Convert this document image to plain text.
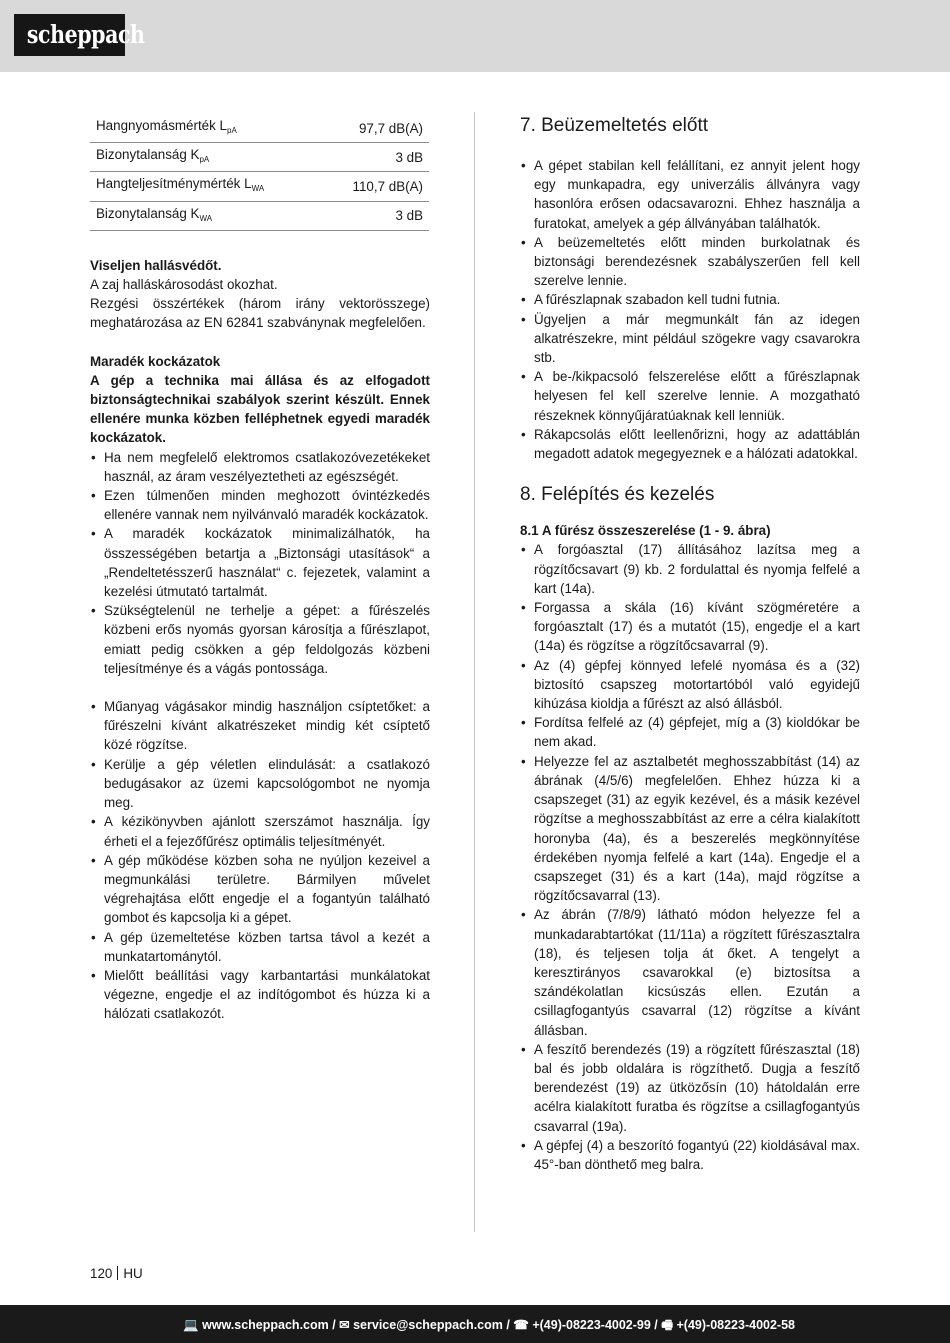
scheppach
Hangnyomásmérték $L_{pA}$	97,7 dB(A)
Bizonytalanság $K_{pA}$	3 dB
Hangteljesítménymérték $L_{WA}$	110,7 dB(A)
Bizonytalanság $K_{WA}$	3 dB

Viseljen hallásvédőt.

A zaj halláskárosodást okozhat.

Rezgési összértékek (három irány vektorösszege) meghatározása az EN 62841 szabványnak megfelelően.

Maradék kockázatok

A gép a technika mai állása és az elfogadott biztonságtechnikai szabályok szerint készült. Ennek ellenére munka közben felléphetnek egyedi maradék kockázatok.

• Ha nem megfelelő elektromos csatlakozóvezetékeket használ, az áram veszélyeztetheti az egészségét.
• Ezen túlmenően minden meghozott óvintézkedés ellenére vannak nem nyilvánvaló maradék kockázatok.
• A maradék kockázatok minimalizálhatók, ha összességében betartja a „Biztonsági utasítások“ a „Rendeltetésszerű használat“ c. fejezetek, valamint a kezelési útmutató tartalmát.
• Szükségtelenül ne terhelje a gépet: a fűrészelés közbeni erős nyomás gyorsan károsítja a fűrészlapot, emiatt pedig csökken a gép feldolgozás közbeni teljesítménye és a vágás pontossága.
• Műanyag vágásakor mindig használjon csíptetőket: a fűrészelni kívánt alkatrészeket mindig két csíptető közé rögzítse.
• Kerülje a gép véletlen elindulását: a csatlakozó bedugásakor az üzemi kapcsológombot ne nyomja meg.
• A kézikönyvben ajánlott szerszámot használja. Így érheti el a fejezőfűrész optimális teljesítményét.
• A gép működése közben soha ne nyúljon kezeivel a megmunkálási területre. Bármilyen művelet végrehajtása előtt engedje el a fogantyún található gombot és kapcsolja ki a gépet.
• A gép üzemeltetése közben tartsa távol a kezét a munkatartománytól.
• Mielőtt beállítási vagy karbantartási munkálatokat végezne, engedje el az indítógombot és húzza ki a hálózati csatlakozót.
7. Beüzemeltetés előtt
• A gépet stabilan kell felállítani, ez annyit jelent hogy egy munkapadra, egy univerzális állványra vagy hasonlóra erősen odacsavarozni. Ehhez használja a furatokat, amelyek a gép állványában találhatók.
• A beüzemeltetés előtt minden burkolatnak és biztonsági berendezésnek szabályszerűen fell kell szerelve lennie.
• A fűrészlapnak szabadon kell tudni futnia.
• Ügyeljen a már megmunkált fán az idegen alkatrészekre, mint például szögekre vagy csavarokra stb.
• A be-/kikpacsoló felszerelése előtt a fűrészlapnak helyesen fel kell szerelve lennie. A mozgatható részeknek könnyűjáratúaknak kell lenniük.
• Rákapcsolás előtt leellenőrizni, hogy az adattáblán megadott adatok megegyeznek e a hálózati adatokkal.
8. Felépítés és kezelés
8.1 A fűrész összeszerelése (1 - 9. ábra)
• A forgóasztal (17) állításához lazítsa meg a rögzítőcsavart (9) kb. 2 fordulattal és nyomja felfelé a kart (14a).
• Forgassa a skála (16) kívánt szögméretére a forgóasztalt (17) és a mutatót (15), engedje el a kart (14a) és rögzítse a rögzítőcsavarral (9).
• Az (4) gépfej könnyed lefelé nyomása és a (32) biztosító csapszeg motortartóból való egyidejű kihúzása kioldja a fűrészt az alsó állásból.
• Fordítsa felfelé az (4) gépfejet, míg a (3) kioldókar be nem akad.
• Helyezze fel az asztalbetét meghosszabbítást (14) az ábrának (4/5/6) megfelelően. Ehhez húzza ki a csapszeget (31) az egyik kezével, és a másik kezével rögzítse a meghosszabbítást az erre a célra kialakított horonyba (4a), és a beszerelés megkönnyítése érdekében nyomja felfelé a kart (14a). Engedje el a csapszeget (31) és a kart (14a), majd rögzítse a rögzítőcsavarral (13).
• Az ábrán (7/8/9) látható módon helyezze fel a munkadarabtartókat (11/11a) a rögzített fűrészasztalra (18), és teljesen tolja át őket. A tengelyt a keresztirányos csavarokkal (e) biztosítsa a szándékolatlan kicsúszás ellen. Ezután a csillagfogantyús csavarral (12) rögzítse a kívánt állásban.
• A feszítő berendezés (19) a rögzített fűrészasztal (18) bal és jobb oldalára is rögzíthető. Dugja a feszítő berendezést (19) az ütközősín (10) hátoldalán erre acélra kialakított furatba és rögzítse a csillagfogantyús csavarral (19a).
• A gépfej (4) a beszorító fogantyú (22) kioldásával max. 45°-ban dönthető meg balra.
120 HU
💻 www.scheppach.com / ✉ service@scheppach.com / ☎ +(49)-08223-4002-99 / 🖷 +(49)-08223-4002-58
